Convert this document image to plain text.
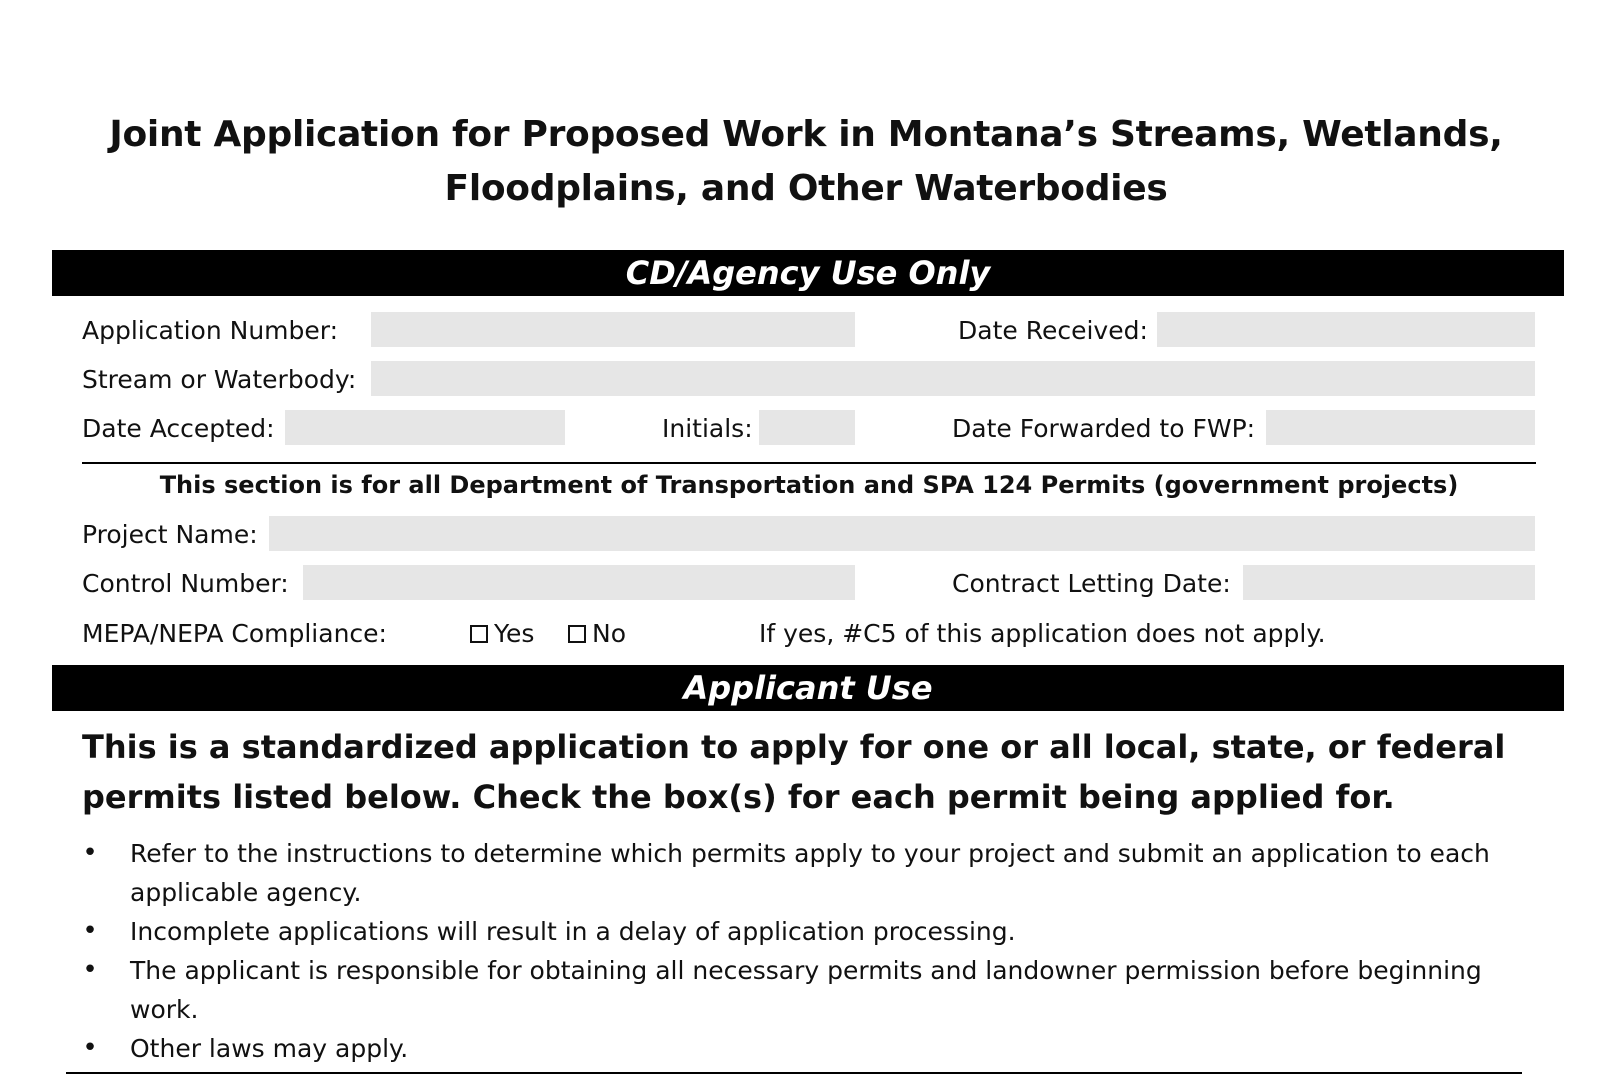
Joint Application for Proposed Work in Montana’s Streams, Wetlands,
Floodplains, and Other Waterbodies
CD/Agency Use Only
Application Number:	Date Received:
Stream or Waterbody:
Date Accepted:	Initials:	Date Forwarded to FWP:
This section is for all Department of Transportation and SPA 124 Permits (government projects)
Project Name:
Control Number:	Contract Letting Date:
MEPA/NEPA Compliance:	Yes No	If yes, #C5 of this application does not apply.
Applicant Use
This is a standardized application to apply for one or all local, state, or federal
permits listed below. Check the box(s) for each permit being applied for.
• Refer to the instructions to determine which permits apply to your project and submit an application to each
applicable agency.
• Incomplete applications will result in a delay of application processing.
• The applicant is responsible for obtaining all necessary permits and landowner permission before beginning
work.
• Other laws may apply.
